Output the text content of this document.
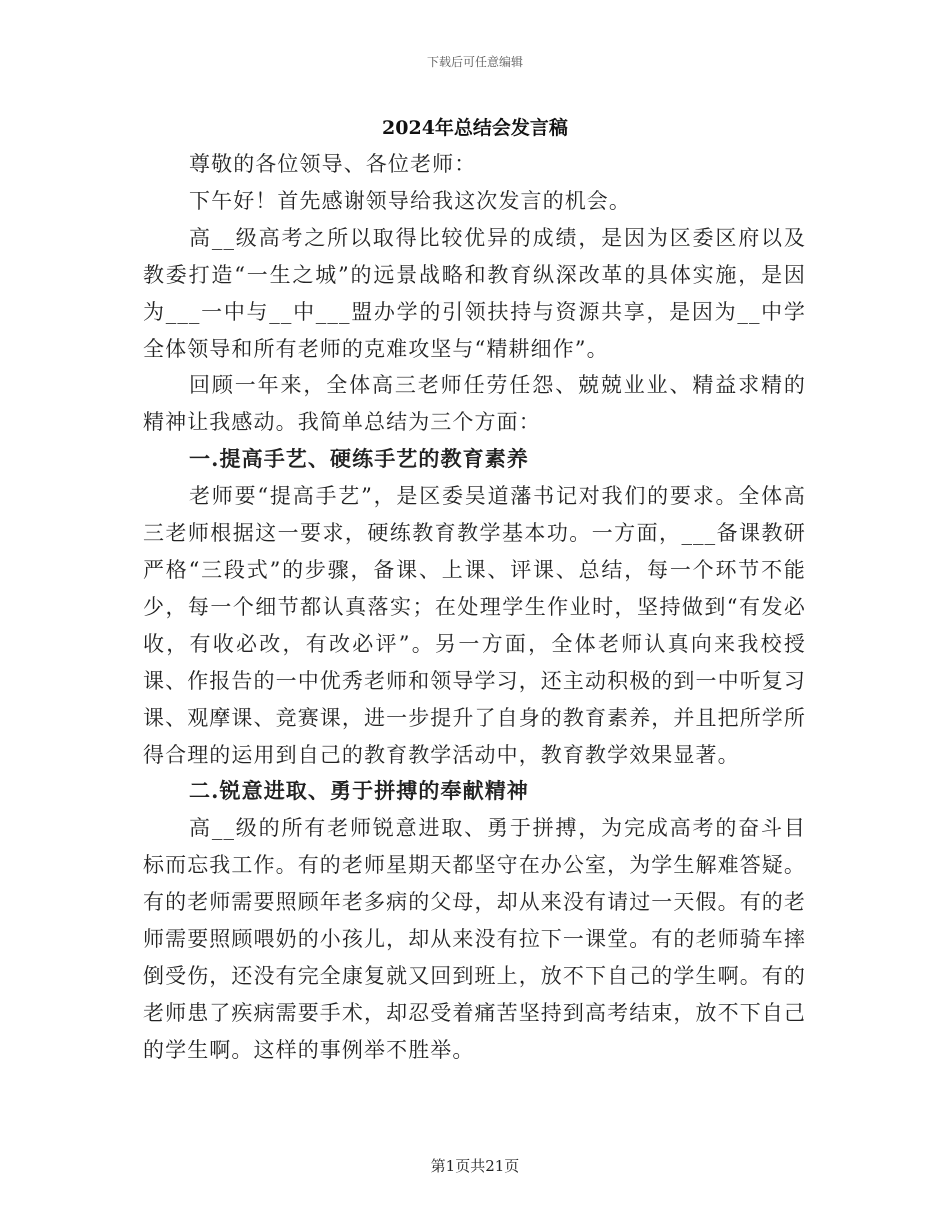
下载后可任意编辑
2024年总结会发言稿

尊敬的各位领导、各位老师：

下午好！首先感谢领导给我这次发言的机会。

高__级高考之所以取得比较优异的成绩，是因为区委区府以及教委打造“一生之城”的远景战略和教育纵深改革的具体实施，是因为___一中与__中___盟办学的引领扶持与资源共享，是因为__中学全体领导和所有老师的克难攻坚与“精耕细作”。

回顾一年来，全体高三老师任劳任怨、兢兢业业、精益求精的精神让我感动。我简单总结为三个方面：

一.提高手艺、硬练手艺的教育素养

老师要“提高手艺”，是区委吴道藩书记对我们的要求。全体高三老师根据这一要求，硬练教育教学基本功。一方面，___备课教研严格“三段式”的步骤，备课、上课、评课、总结，每一个环节不能少，每一个细节都认真落实；在处理学生作业时，坚持做到“有发必收，有收必改，有改必评”。另一方面，全体老师认真向来我校授课、作报告的一中优秀老师和领导学习，还主动积极的到一中听复习课、观摩课、竞赛课，进一步提升了自身的教育素养，并且把所学所得合理的运用到自己的教育教学活动中，教育教学效果显著。

二.锐意进取、勇于拼搏的奉献精神

高__级的所有老师锐意进取、勇于拼搏，为完成高考的奋斗目标而忘我工作。有的老师星期天都坚守在办公室，为学生解难答疑。有的老师需要照顾年老多病的父母，却从来没有请过一天假。有的老师需要照顾喂奶的小孩儿，却从来没有拉下一课堂。有的老师骑车摔倒受伤，还没有完全康复就又回到班上，放不下自己的学生啊。有的老师患了疾病需要手术，却忍受着痛苦坚持到高考结束，放不下自己的学生啊。这样的事例举不胜举。

第1页共21页
